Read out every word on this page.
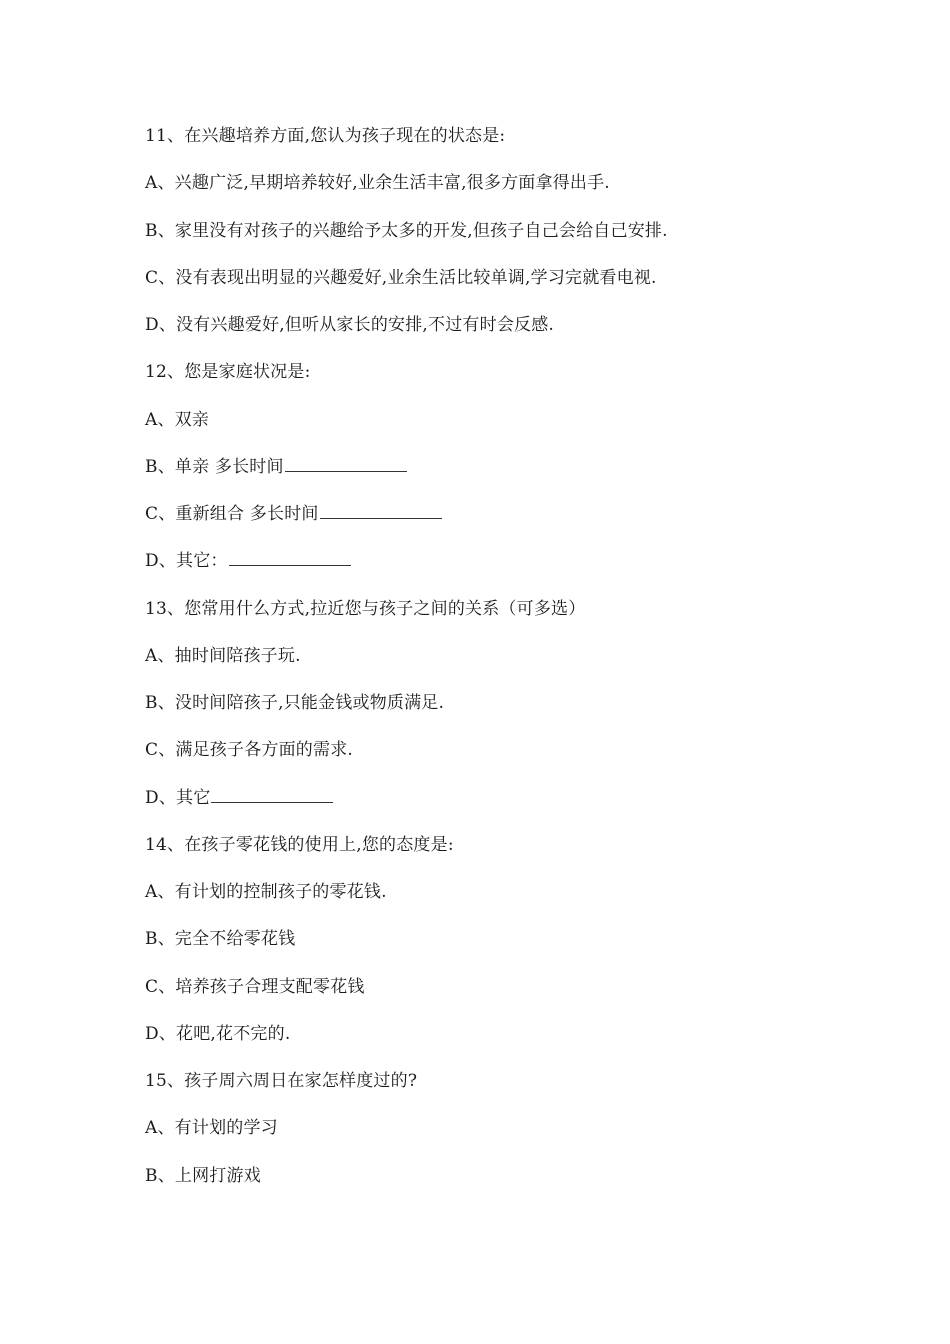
11、在兴趣培养方面,您认为孩子现在的状态是:
A、兴趣广泛,早期培养较好,业余生活丰富,很多方面拿得出手.
B、家里没有对孩子的兴趣给予太多的开发,但孩子自己会给自己安排.
C、没有表现出明显的兴趣爱好,业余生活比较单调,学习完就看电视.
D、没有兴趣爱好,但听从家长的安排,不过有时会反感.
12、您是家庭状况是:
A、双亲
B、单亲 多长时间
C、重新组合 多长时间
D、其它：
13、您常用什么方式,拉近您与孩子之间的关系（可多选）
A、抽时间陪孩子玩.
B、没时间陪孩子,只能金钱或物质满足.
C、满足孩子各方面的需求.
D、其它
14、在孩子零花钱的使用上,您的态度是:
A、有计划的控制孩子的零花钱.
B、完全不给零花钱
C、培养孩子合理支配零花钱
D、花吧,花不完的.
15、孩子周六周日在家怎样度过的?
A、有计划的学习
B、上网打游戏
